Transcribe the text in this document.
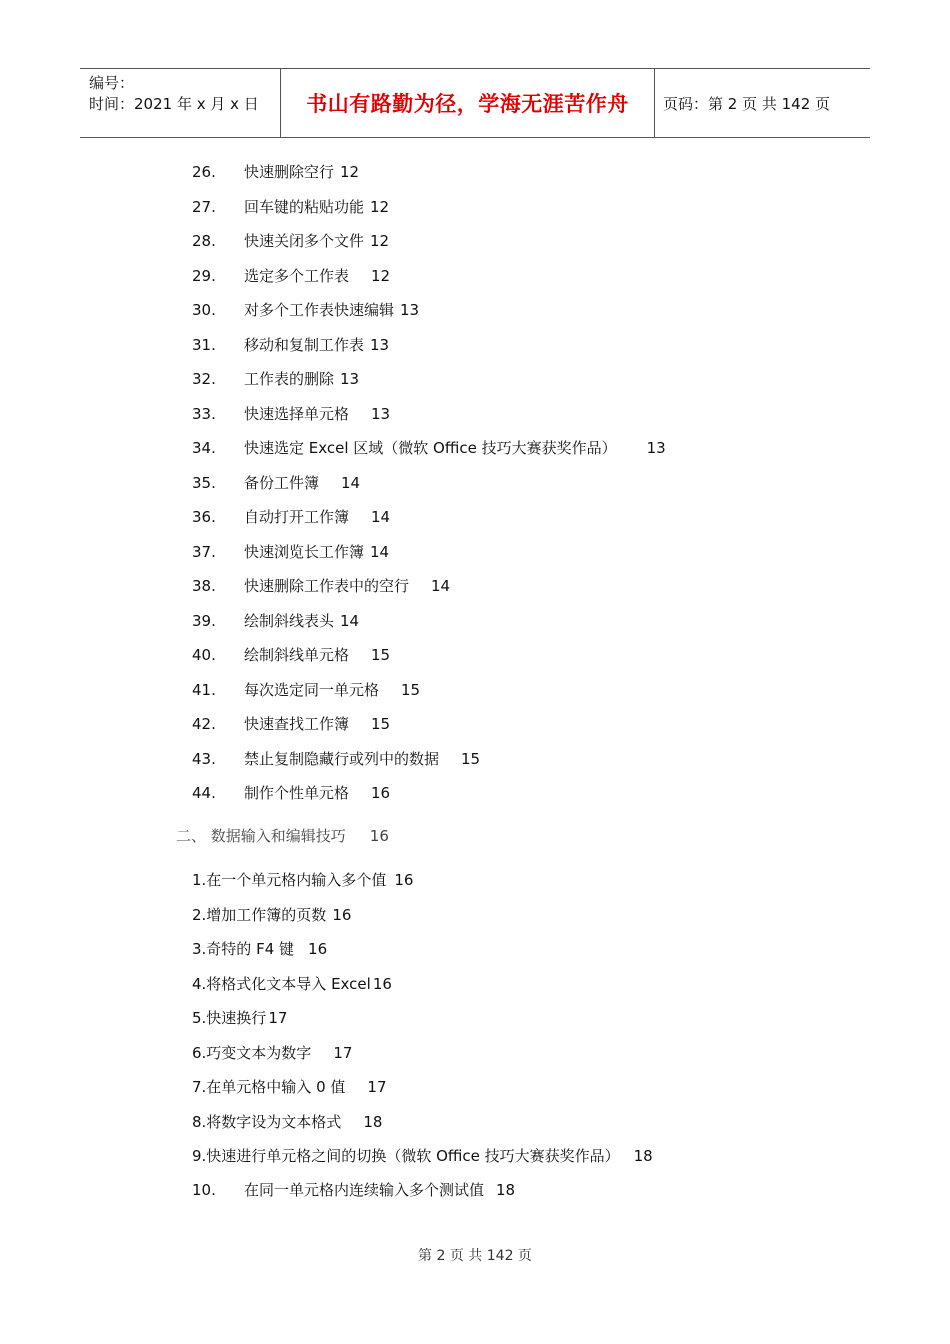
编号：
时间：2021 年 x 月 x 日	书山有路勤为径，学海无涯苦作舟 页码：第 2 页 共 142 页
26. 快速删除空行 12
27. 回车键的粘贴功能 12
28. 快速关闭多个文件 12
29. 选定多个工作表 12
30. 对多个工作表快速编辑 13
31. 移动和复制工作表 13
32. 工作表的删除 13
33. 快速选择单元格 13
34. 快速选定 Excel 区域（微软 Office 技巧大赛获奖作品） 13
35. 备份工件簿 14
36. 自动打开工作簿 14
37. 快速浏览长工作簿 14
38. 快速删除工作表中的空行 14
39. 绘制斜线表头 14
40. 绘制斜线单元格 15
41. 每次选定同一单元格 15
42. 快速查找工作簿 15
43. 禁止复制隐藏行或列中的数据 15
44. 制作个性单元格 16
二、 数据输入和编辑技巧 16
1.在一个单元格内输入多个值 16
2.增加工作簿的页数 16
3.奇特的 F4 键 16
4.将格式化文本导入 Excel 16
5.快速换行 17
6.巧变文本为数字 17
7.在单元格中输入 0 值 17
8.将数字设为文本格式 18
9.快速进行单元格之间的切换（微软 Office 技巧大赛获奖作品） 18
10. 在同一单元格内连续输入多个测试值 18
第 2 页 共 142 页
